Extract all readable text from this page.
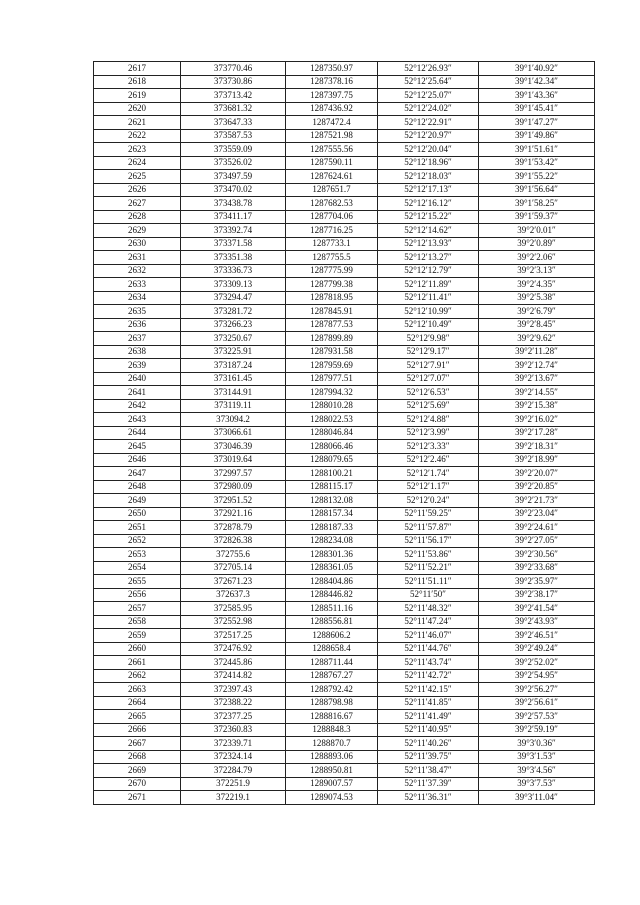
2617	373770.46	1287350.97	52°12′26.93″	39°1′40.92″
2618	373730.86	1287378.16	52°12′25.64″	39°1′42.34″
2619	373713.42	1287397.75	52°12′25.07″	39°1′43.36″
2620	373681.32	1287436.92	52°12′24.02″	39°1′45.41″
2621	373647.33	1287472.4	52°12′22.91″	39°1′47.27″
2622	373587.53	1287521.98	52°12′20.97″	39°1′49.86″
2623	373559.09	1287555.56	52°12′20.04″	39°1′51.61″
2624	373526.02	1287590.11	52°12′18.96″	39°1′53.42″
2625	373497.59	1287624.61	52°12′18.03″	39°1′55.22″
2626	373470.02	1287651.7	52°12′17.13″	39°1′56.64″
2627	373438.78	1287682.53	52°12′16.12″	39°1′58.25″
2628	373411.17	1287704.06	52°12′15.22″	39°1′59.37″
2629	373392.74	1287716.25	52°12′14.62″	39°2′0.01″
2630	373371.58	1287733.1	52°12′13.93″	39°2′0.89″
2631	373351.38	1287755.5	52°12′13.27″	39°2′2.06″
2632	373336.73	1287775.99	52°12′12.79″	39°2′3.13″
2633	373309.13	1287799.38	52°12′11.89″	39°2′4.35″
2634	373294.47	1287818.95	52°12′11.41″	39°2′5.38″
2635	373281.72	1287845.91	52°12′10.99″	39°2′6.79″
2636	373266.23	1287877.53	52°12′10.49″	39°2′8.45″
2637	373250.67	1287899.89	52°12′9.98″	39°2′9.62″
2638	373225.91	1287931.58	52°12′9.17″	39°2′11.28″
2639	373187.24	1287959.69	52°12′7.91″	39°2′12.74″
2640	373161.45	1287977.51	52°12′7.07″	39°2′13.67″
2641	373144.91	1287994.32	52°12′6.53″	39°2′14.55″
2642	373119.11	1288010.28	52°12′5.69″	39°2′15.38″
2643	373094.2	1288022.53	52°12′4.88″	39°2′16.02″
2644	373066.61	1288046.84	52°12′3.99″	39°2′17.28″
2645	373046.39	1288066.46	52°12′3.33″	39°2′18.31″
2646	373019.64	1288079.65	52°12′2.46″	39°2′18.99″
2647	372997.57	1288100.21	52°12′1.74″	39°2′20.07″
2648	372980.09	1288115.17	52°12′1.17″	39°2′20.85″
2649	372951.52	1288132.08	52°12′0.24″	39°2′21.73″
2650	372921.16	1288157.34	52°11′59.25″	39°2′23.04″
2651	372878.79	1288187.33	52°11′57.87″	39°2′24.61″
2652	372826.38	1288234.08	52°11′56.17″	39°2′27.05″
2653	372755.6	1288301.36	52°11′53.86″	39°2′30.56″
2654	372705.14	1288361.05	52°11′52.21″	39°2′33.68″
2655	372671.23	1288404.86	52°11′51.11″	39°2′35.97″
2656	372637.3	1288446.82	52°11′50″	39°2′38.17″
2657	372585.95	1288511.16	52°11′48.32″	39°2′41.54″
2658	372552.98	1288556.81	52°11′47.24″	39°2′43.93″
2659	372517.25	1288606.2	52°11′46.07″	39°2′46.51″
2660	372476.92	1288658.4	52°11′44.76″	39°2′49.24″
2661	372445.86	1288711.44	52°11′43.74″	39°2′52.02″
2662	372414.82	1288767.27	52°11′42.72″	39°2′54.95″
2663	372397.43	1288792.42	52°11′42.15″	39°2′56.27″
2664	372388.22	1288798.98	52°11′41.85″	39°2′56.61″
2665	372377.25	1288816.67	52°11′41.49″	39°2′57.53″
2666	372360.83	1288848.3	52°11′40.95″	39°2′59.19″
2667	372339.71	1288870.7	52°11′40.26″	39°3′0.36″
2668	372324.14	1288893.06	52°11′39.75″	39°3′1.53″
2669	372284.79	1288950.81	52°11′38.47″	39°3′4.56″
2670	372251.9	1289007.57	52°11′37.39″	39°3′7.53″
2671	372219.1	1289074.53	52°11′36.31″	39°3′11.04″
